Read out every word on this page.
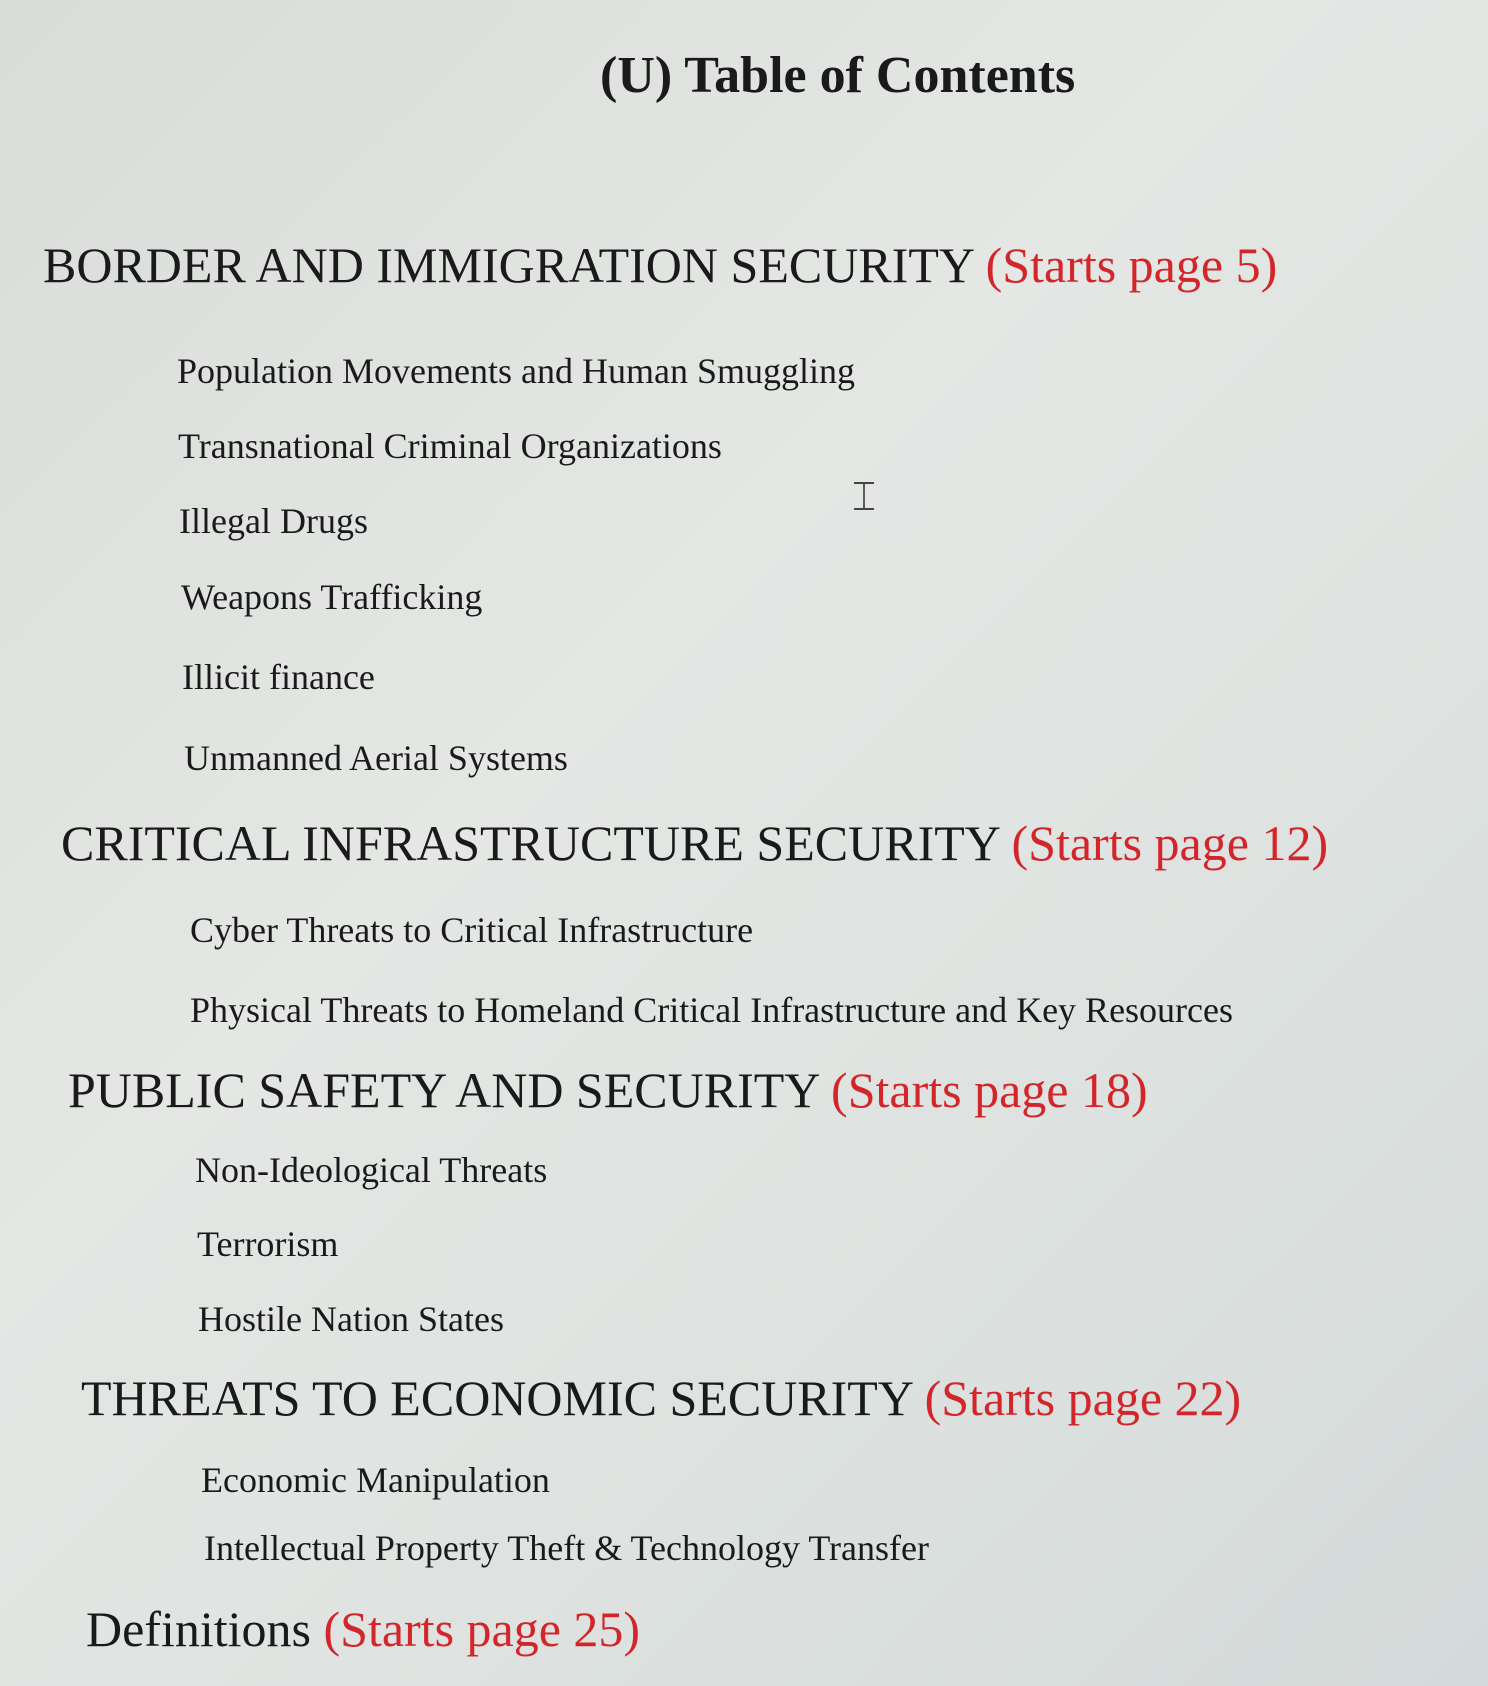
(U) Table of Contents
BORDER AND IMMIGRATION SECURITY (Starts page 5)
Population Movements and Human Smuggling
Transnational Criminal Organizations
Illegal Drugs
Weapons Trafficking
Illicit finance
Unmanned Aerial Systems
CRITICAL INFRASTRUCTURE SECURITY (Starts page 12)
Cyber Threats to Critical Infrastructure
Physical Threats to Homeland Critical Infrastructure and Key Resources
PUBLIC SAFETY AND SECURITY (Starts page 18)
Non-Ideological Threats
Terrorism
Hostile Nation States
THREATS TO ECONOMIC SECURITY (Starts page 22)
Economic Manipulation
Intellectual Property Theft & Technology Transfer
Definitions (Starts page 25)
⌶
